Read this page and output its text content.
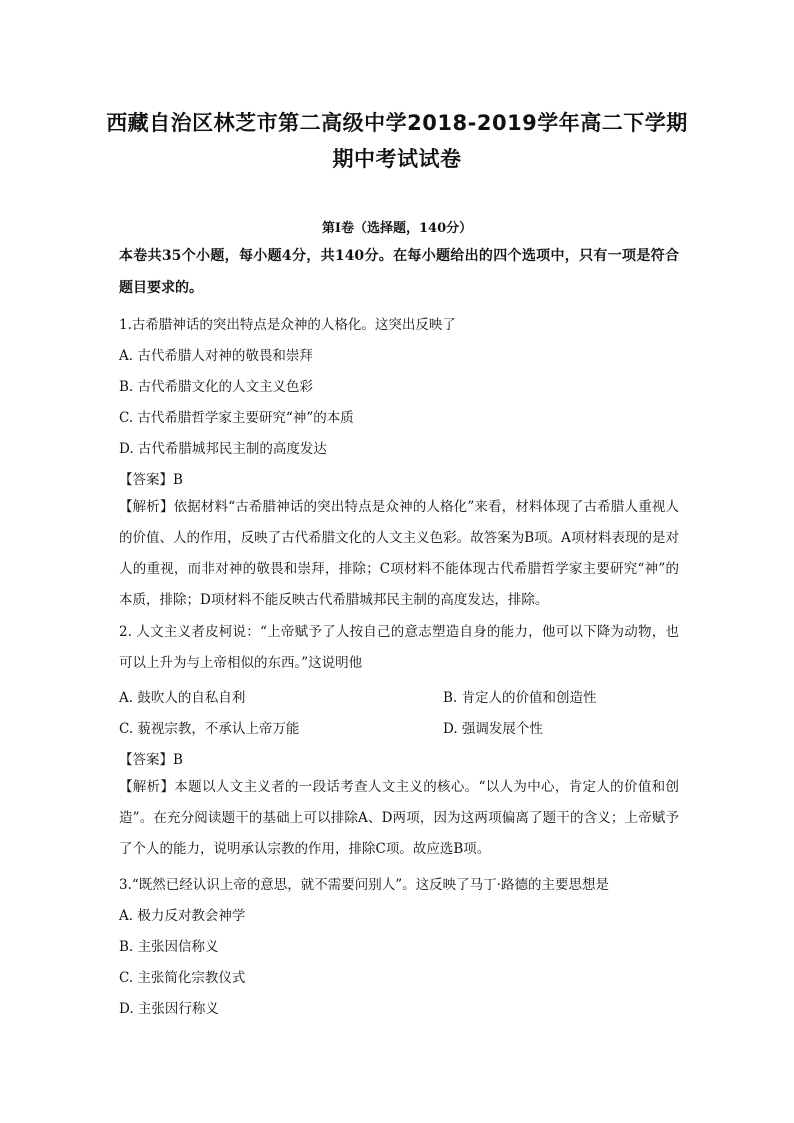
西藏自治区林芝市第二高级中学2018-2019学年高二下学期
期中考试试卷
第Ⅰ卷（选择题，140分）
本卷共35个小题，每小题4分，共140分。在每小题给出的四个选项中，只有一项是符合题目要求的。
1.古希腊神话的突出特点是众神的人格化。这突出反映了
A. 古代希腊人对神的敬畏和崇拜
B. 古代希腊文化的人文主义色彩
C. 古代希腊哲学家主要研究“神”的本质
D. 古代希腊城邦民主制的高度发达
【答案】B
【解析】依据材料“古希腊神话的突出特点是众神的人格化”来看，材料体现了古希腊人重视人的价值、人的作用，反映了古代希腊文化的人文主义色彩。故答案为B项。A项材料表现的是对人的重视，而非对神的敬畏和崇拜，排除；C项材料不能体现古代希腊哲学家主要研究“神”的本质，排除；D项材料不能反映古代希腊城邦民主制的高度发达，排除。
2. 人文主义者皮柯说：“上帝赋予了人按自己的意志塑造自身的能力，他可以下降为动物，也可以上升为与上帝相似的东西。”这说明他
A. 鼓吹人的自私自利	B. 肯定人的价值和创造性
C. 藐视宗教，不承认上帝万能	D. 强调发展个性
【答案】B
【解析】本题以人文主义者的一段话考查人文主义的核心。“以人为中心，肯定人的价值和创造”。在充分阅读题干的基础上可以排除A、D两项，因为这两项偏离了题干的含义；上帝赋予了个人的能力，说明承认宗教的作用，排除C项。故应选B项。
3.“既然已经认识上帝的意思，就不需要问别人”。这反映了马丁·路德的主要思想是
A. 极力反对教会神学
B. 主张因信称义
C. 主张简化宗教仪式
D. 主张因行称义
